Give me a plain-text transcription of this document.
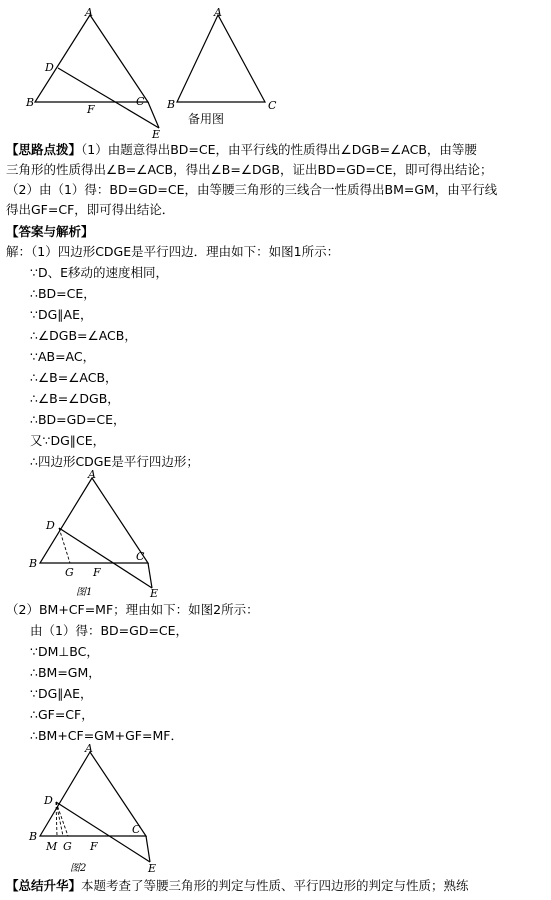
A
D
B
F
C
E
A
B	C
备用图
【思路点拨】（1）由题意得出BD=CE，由平行线的性质得出∠DGB=∠ACB，由等腰
三角形的性质得出∠B=∠ACB，得出∠B=∠DGB，证出BD=GD=CE，即可得出结论；
（2）由（1）得：BD=GD=CE，由等腰三角形的三线合一性质得出BM=GM，由平行线
得出GF=CF，即可得出结论．
【答案与解析】
解：（1）四边形CDGE是平行四边．理由如下：如图1所示：
∵D、E移动的速度相同，
∴BD=CE，
∵DG∥AE，
∴∠DGB=∠ACB，
∵AB=AC，
∴∠B=∠ACB，
∴∠B=∠DGB，
∴BD=GD=CE，
又∵DG∥CE，
∴四边形CDGE是平行四边形；
A
D
B
G F
C
E
图1
（2）BM+CF=MF；理由如下：如图2所示：
由（1）得：BD=GD=CE，
∵DM⊥BC，
∴BM=GM，
∵DG∥AE，
∴GF=CF，
∴BM+CF=GM+GF=MF．
A
D
B
M G F
C
E
图2
【总结升华】本题考查了等腰三角形的判定与性质、平行四边形的判定与性质；熟练
